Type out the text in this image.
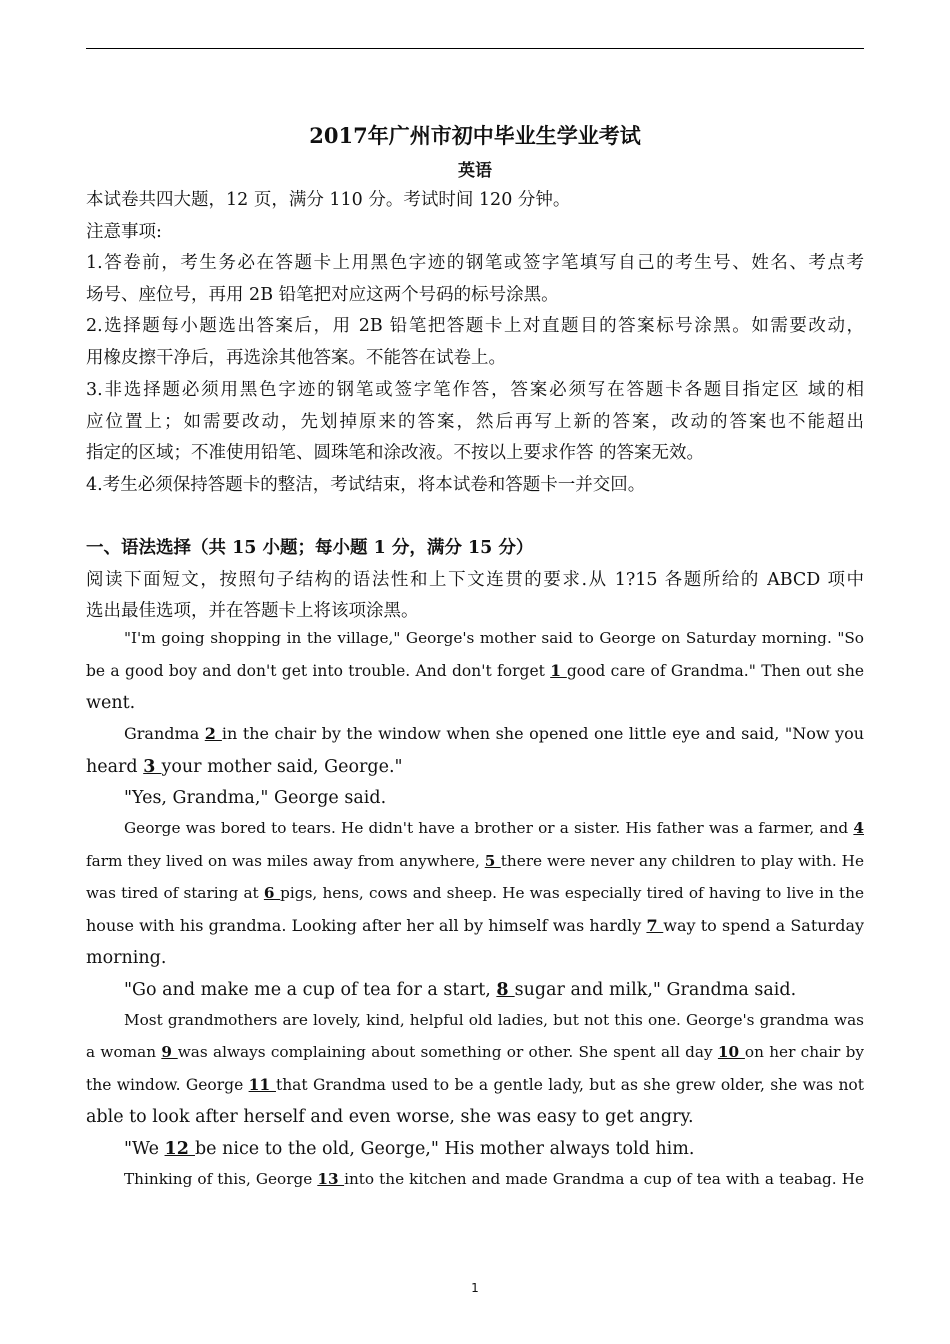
2017年广州市初中毕业生学业考试
英语
本试卷共四大题，12 页，满分 110 分。考试时间 120 分钟。
注意事项:
1.答卷前，考生务必在答题卡上用黑色字迹的钢笔或签字笔填写自己的考生号、姓名、考点考
场号、座位号，再用 2B 铅笔把对应这两个号码的标号涂黑。
2.选择题每小题选出答案后，用 2B 铅笔把答题卡上对直题目的答案标号涂黑。如需要改动，
用橡皮擦干净后，再选涂其他答案。不能答在试卷上。
3.非选择题必须用黑色字迹的钢笔或签字笔作答，答案必须写在答题卡各题目指定区 域的相
应位置上；如需要改动，先划掉原来的答案，然后再写上新的答案，改动的答案也不能超出
指定的区域；不准使用铅笔、圆珠笔和涂改液。不按以上要求作答 的答案无效。
4.考生必须保持答题卡的整洁，考试结束，将本试卷和答题卡一并交回。
一、语法选择（共 15 小题；每小题 1 分，满分 15 分）
阅读下面短文，按照句子结构的语法性和上下文连贯的要求.从 1?15 各题所给的 ABCD 项中
选出最佳选项，并在答题卡上将该项涂黑。
"I'm going shopping in the village," George's mother said to George on Saturday morning. "So
be a good boy and don't get into trouble. And don't forget 1 good care of Grandma." Then out she
went.
Grandma 2 in the chair by the window when she opened one little eye and said, "Now you
heard 3 your mother said, George."
"Yes, Grandma," George said.
George was bored to tears. He didn't have a brother or a sister. His father was a farmer, and 4
farm they lived on was miles away from anywhere, 5 there were never any children to play with. He
was tired of staring at 6 pigs, hens, cows and sheep. He was especially tired of having to live in the
house with his grandma. Looking after her all by himself was hardly 7 way to spend a Saturday
morning.
"Go and make me a cup of tea for a start, 8 sugar and milk," Grandma said.
Most grandmothers are lovely, kind, helpful old ladies, but not this one. George's grandma was
a woman 9 was always complaining about something or other. She spent all day 10 on her chair by
the window. George 11 that Grandma used to be a gentle lady, but as she grew older, she was not
able to look after herself and even worse, she was easy to get angry.
"We 12 be nice to the old, George," His mother always told him.
Thinking of this, George 13 into the kitchen and made Grandma a cup of tea with a teabag. He
1
